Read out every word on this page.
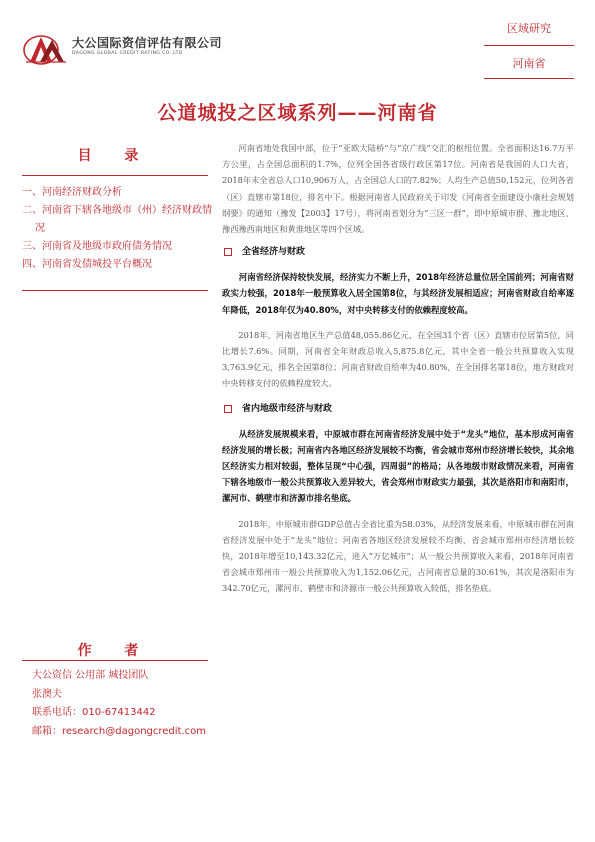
大公国际资信评估有限公司
DAGONG GLOBAL CREDIT RATING CO.,LTD
区域研究
河南省
公道城投之区域系列——河南省
目 录
一、河南经济财政分析
二、河南省下辖各地级市（州）经济财政情况
三、河南省及地级市政府债务情况
四、河南省发债城投平台概况
作 者

大公资信 公用部 城投团队

张澳夫

联系电话：010-67413442

邮箱：research@dagongcredit.com

河南省地处我国中部，位于“亚欧大陆桥”与“京广线”交汇的枢纽位置。全省面积达16.7万平方公里，占全国总面积的1.7%，位列全国各省级行政区第17位。河南省是我国的人口大省，2018年末全省总人口10,906万人，占全国总人口的7.82%；人均生产总值50,152元，位列各省（区）直辖市第18位，排名中下。根据河南省人民政府关于印发《河南省全面建设小康社会规划纲要》的通知（豫发【2003】17号），将河南省划分为“三区一群”，即中原城市群、豫北地区、豫西豫西南地区和黄淮地区等四个区域。

全省经济与财政

河南省经济保持较快发展，经济实力不断上升，2018年经济总量位居全国前列；河南省财政实力较强，2018年一般预算收入居全国第8位，与其经济发展相适应；河南省财政自给率逐年降低，2018年仅为40.80%，对中央转移支付的依赖程度较高。

2018年，河南省地区生产总值48,055.86亿元，在全国31个省（区）直辖市位居第5位，同比增长7.6%。同期，河南省全年财政总收入5,875.8亿元，其中全省一般公共预算收入实现3,763.9亿元，排名全国第8位；河南省财政自给率为40.80%，在全国排名第18位，地方财政对中央转移支付的依赖程度较大。

省内地级市经济与财政

从经济发展规模来看，中原城市群在河南省经济发展中处于“龙头”地位，基本形成河南省经济发展的增长极；河南省内各地区经济发展较不均衡，省会城市郑州市经济增长较快，其余地区经济实力相对较弱，整体呈现“中心强，四周弱”的格局；从各地级市财政情况来看，河南省下辖各地级市一般公共预算收入差异较大，省会郑州市财政实力最强，其次是洛阳市和南阳市，漯河市、鹤壁市和济源市排名垫底。

2018年，中原城市群GDP总值占全省比重为58.03%，从经济发展来看，中原城市群在河南省经济发展中处于“龙头”地位；河南省各地区经济发展较不均衡，省会城市郑州市经济增长较快，2018年增至10,143.32亿元，进入“万亿城市”；从一般公共预算收入来看，2018年河南省省会城市郑州市一般公共预算收入为1,152.06亿元，占河南省总量的30.61%，其次是洛阳市为342.70亿元，漯河市、鹤壁市和济源市一般公共预算收入较低，排名垫底。
